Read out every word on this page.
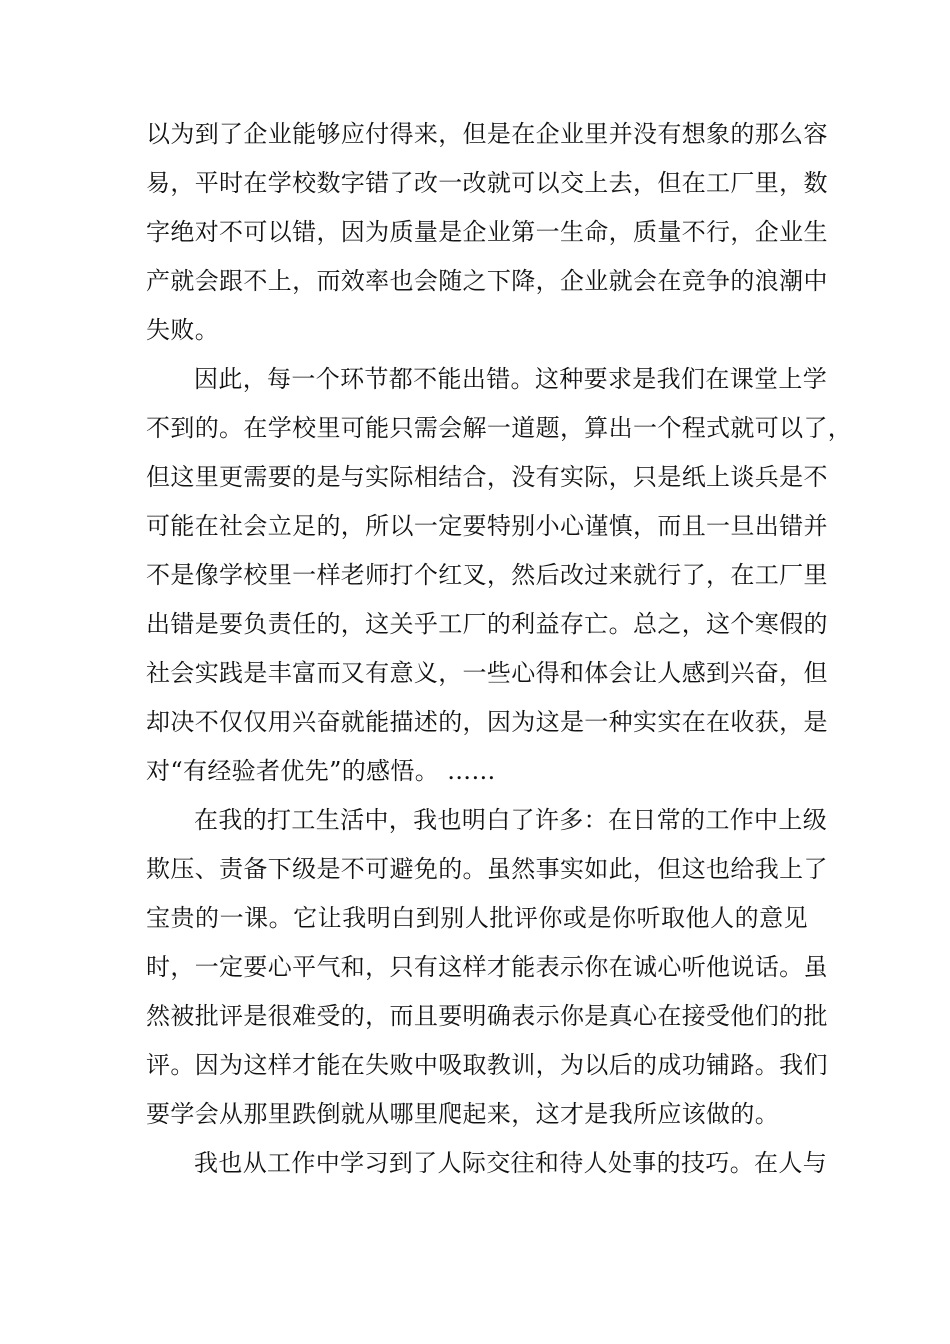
以为到了企业能够应付得来，但是在企业里并没有想象的那么容
易，平时在学校数字错了改一改就可以交上去，但在工厂里，数
字绝对不可以错，因为质量是企业第一生命，质量不行，企业生
产就会跟不上，而效率也会随之下降，企业就会在竞争的浪潮中
失败。
因此，每一个环节都不能出错。这种要求是我们在课堂上学
不到的。在学校里可能只需会解一道题，算出一个程式就可以了，
但这里更需要的是与实际相结合，没有实际，只是纸上谈兵是不
可能在社会立足的，所以一定要特别小心谨慎，而且一旦出错并
不是像学校里一样老师打个红叉，然后改过来就行了，在工厂里
出错是要负责任的，这关乎工厂的利益存亡。总之，这个寒假的
社会实践是丰富而又有意义，一些心得和体会让人感到兴奋，但
却决不仅仅用兴奋就能描述的，因为这是一种实实在在收获，是
对“有经验者优先”的感悟。 ……
在我的打工生活中，我也明白了许多：在日常的工作中上级
欺压、责备下级是不可避免的。虽然事实如此，但这也给我上了
宝贵的一课。它让我明白到别人批评你或是你听取他人的意见
时，一定要心平气和，只有这样才能表示你在诚心听他说话。虽
然被批评是很难受的，而且要明确表示你是真心在接受他们的批
评。因为这样才能在失败中吸取教训，为以后的成功铺路。我们
要学会从那里跌倒就从哪里爬起来，这才是我所应该做的。
我也从工作中学习到了人际交往和待人处事的技巧。在人与
